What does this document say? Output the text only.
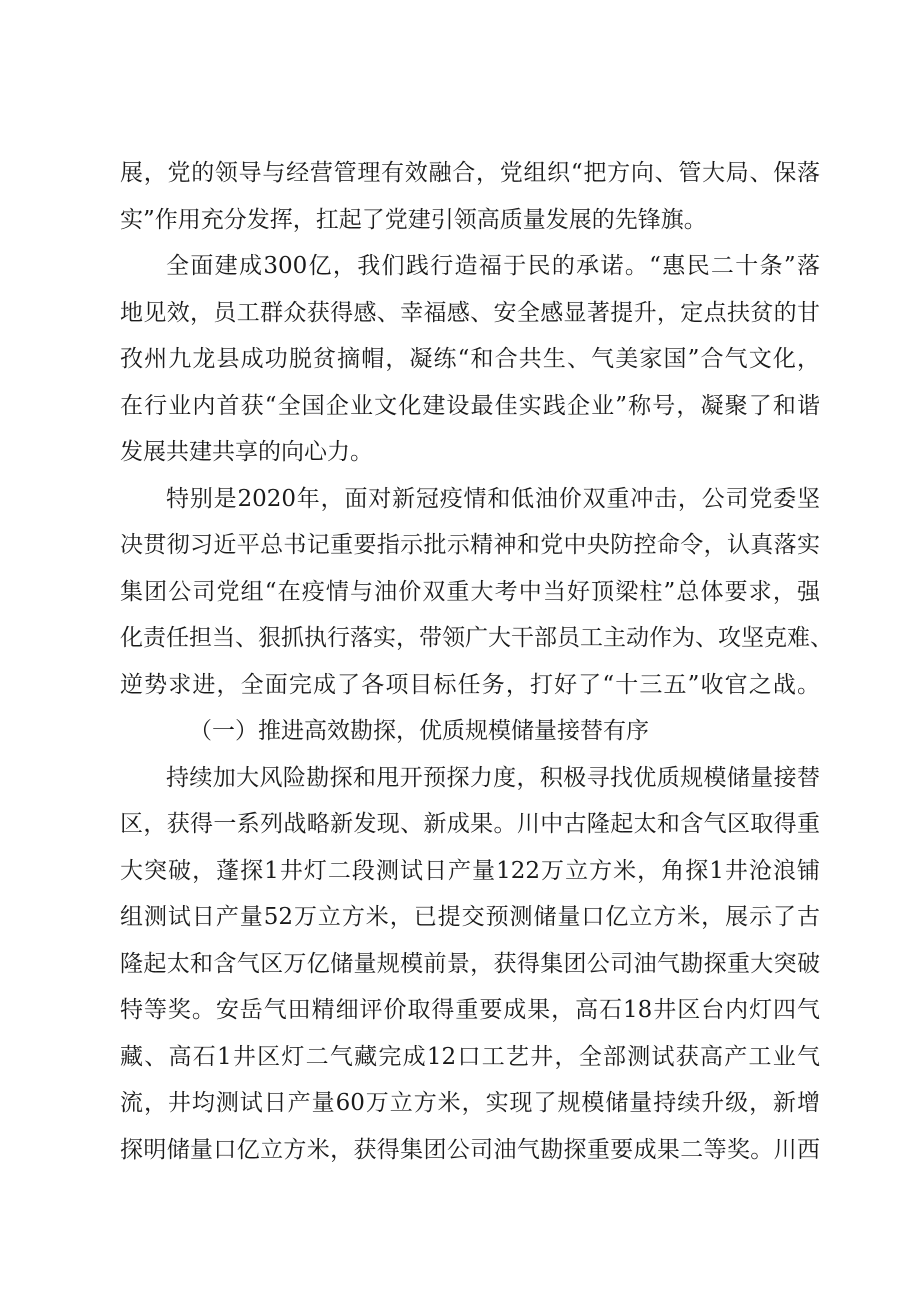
展，党的领导与经营管理有效融合，党组织“把方向、管大局、保落
实”作用充分发挥，扛起了党建引领高质量发展的先锋旗。
全面建成300亿，我们践行造福于民的承诺。“惠民二十条”落
地见效，员工群众获得感、幸福感、安全感显著提升，定点扶贫的甘
孜州九龙县成功脱贫摘帽，凝练“和合共生、气美家国”合气文化，
在行业内首获“全国企业文化建设最佳实践企业”称号，凝聚了和谐
发展共建共享的向心力。
特别是2020年，面对新冠疫情和低油价双重冲击，公司党委坚
决贯彻习近平总书记重要指示批示精神和党中央防控命令，认真落实
集团公司党组“在疫情与油价双重大考中当好顶梁柱”总体要求，强
化责任担当、狠抓执行落实，带领广大干部员工主动作为、攻坚克难、
逆势求进，全面完成了各项目标任务，打好了“十三五”收官之战。
（一）推进高效勘探，优质规模储量接替有序
持续加大风险勘探和甩开预探力度，积极寻找优质规模储量接替
区，获得一系列战略新发现、新成果。川中古隆起太和含气区取得重
大突破，蓬探1井灯二段测试日产量122万立方米，角探1井沧浪铺
组测试日产量52万立方米，已提交预测储量口亿立方米，展示了古
隆起太和含气区万亿储量规模前景，获得集团公司油气勘探重大突破
特等奖。安岳气田精细评价取得重要成果，高石18井区台内灯四气
藏、高石1井区灯二气藏完成12口工艺井，全部测试获高产工业气
流，井均测试日产量60万立方米，实现了规模储量持续升级，新增
探明储量口亿立方米，获得集团公司油气勘探重要成果二等奖。川西
